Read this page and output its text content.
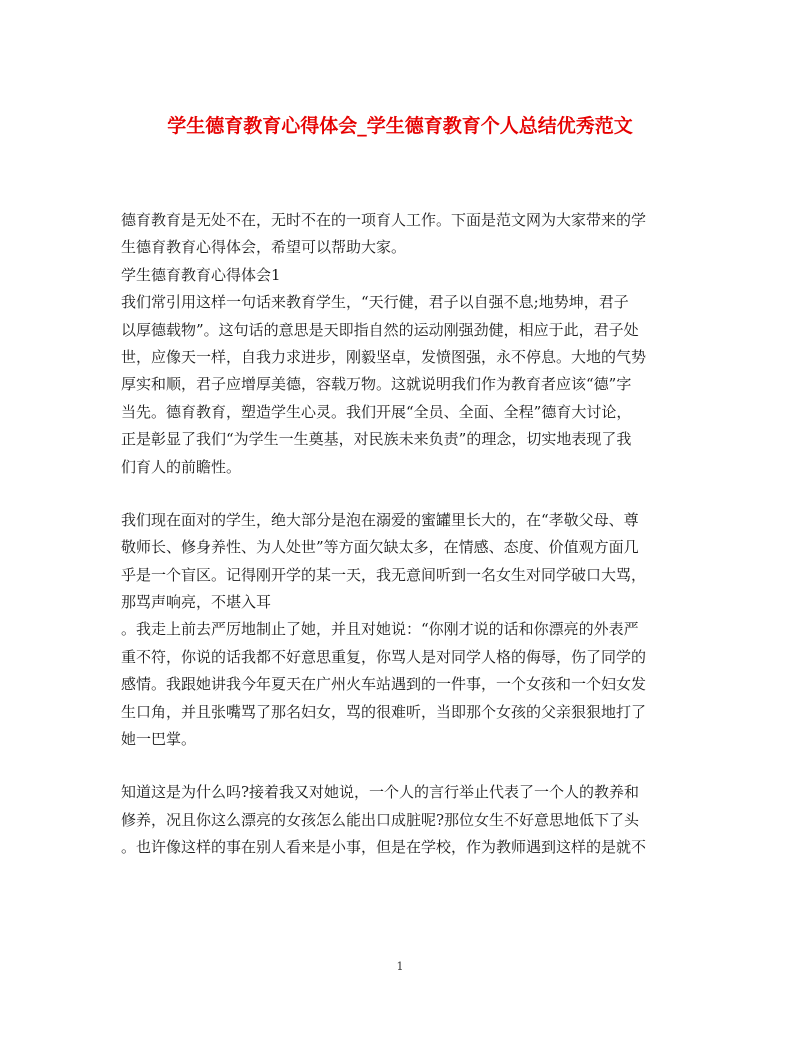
学生德育教育心得体会_学生德育教育个人总结优秀范文
德育教育是无处不在，无时不在的一项育人工作。下面是范文网为大家带来的学
生德育教育心得体会，希望可以帮助大家。
学生德育教育心得体会1
我们常引用这样一句话来教育学生，“天行健，君子以自强不息;地势坤，君子
以厚德载物”。这句话的意思是天即指自然的运动刚强劲健，相应于此，君子处
世，应像天一样，自我力求进步，刚毅坚卓，发愤图强，永不停息。大地的气势
厚实和顺，君子应增厚美德，容载万物。这就说明我们作为教育者应该“德”字
当先。德育教育，塑造学生心灵。我们开展“全员、全面、全程”德育大讨论，
正是彰显了我们“为学生一生奠基，对民族未来负责”的理念，切实地表现了我
们育人的前瞻性。
我们现在面对的学生，绝大部分是泡在溺爱的蜜罐里长大的，在“孝敬父母、尊
敬师长、修身养性、为人处世”等方面欠缺太多，在情感、态度、价值观方面几
乎是一个盲区。记得刚开学的某一天，我无意间听到一名女生对同学破口大骂，
那骂声响亮，不堪入耳
。我走上前去严厉地制止了她，并且对她说：“你刚才说的话和你漂亮的外表严
重不符，你说的话我都不好意思重复，你骂人是对同学人格的侮辱，伤了同学的
感情。我跟她讲我今年夏天在广州火车站遇到的一件事，一个女孩和一个妇女发
生口角，并且张嘴骂了那名妇女，骂的很难听，当即那个女孩的父亲狠狠地打了
她一巴掌。
知道这是为什么吗?接着我又对她说，一个人的言行举止代表了一个人的教养和
修养，况且你这么漂亮的女孩怎么能出口成脏呢?那位女生不好意思地低下了头
。也许像这样的事在别人看来是小事，但是在学校，作为教师遇到这样的是就不
1
